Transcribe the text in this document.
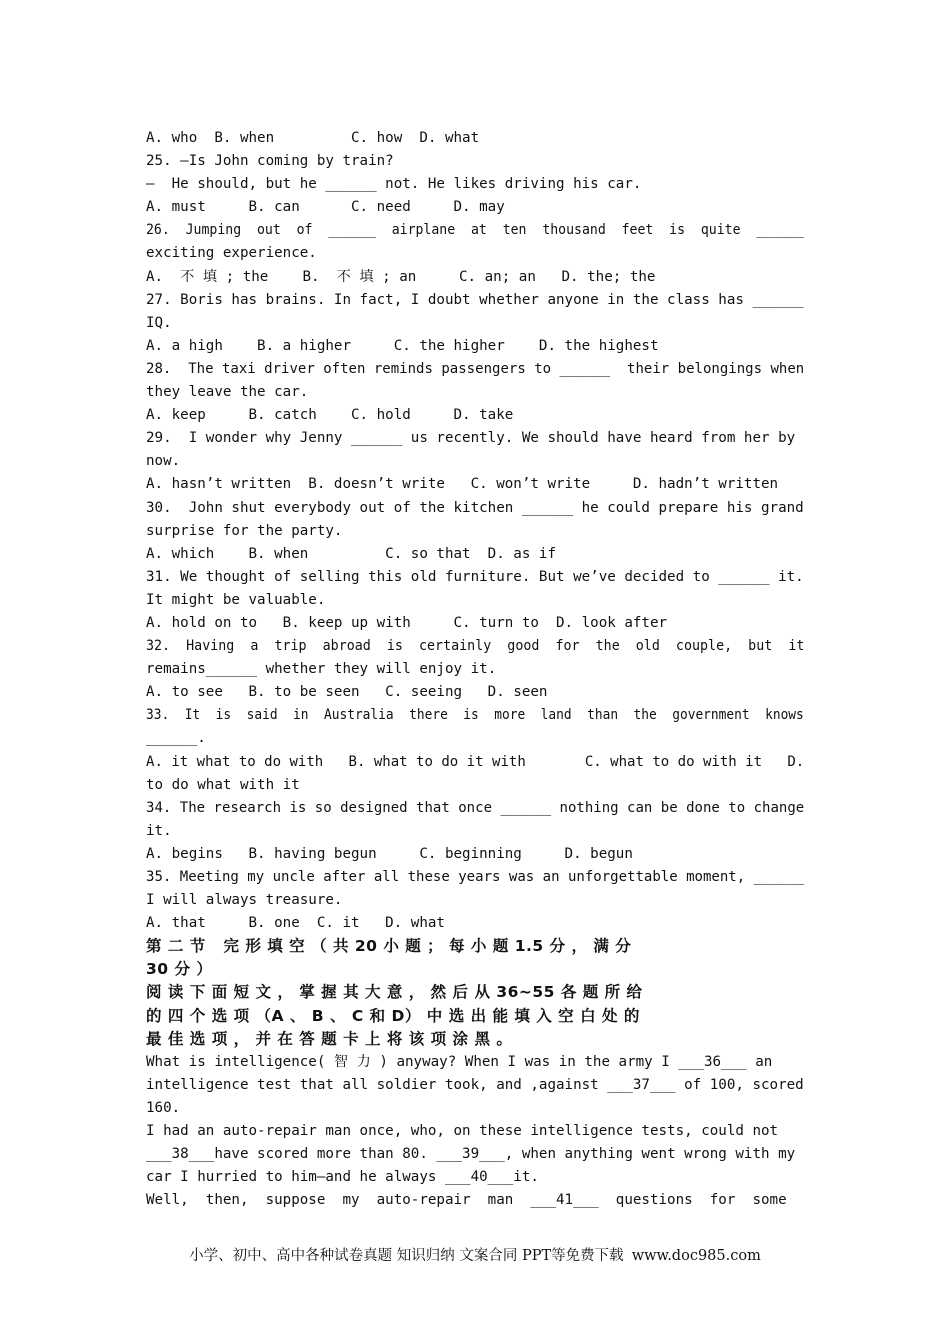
A. who  B. when         C. how  D. what
25. —Is John coming by train?
—  He should, but he ______ not. He likes driving his car.
A. must     B. can      C. need     D. may
26.  Jumping  out  of  ______  airplane  at  ten  thousand  feet  is  quite  ______
exciting experience.
A.  不 填 ; the    B.  不 填 ; an     C. an; an   D. the; the
27. Boris has brains. In fact, I doubt whether anyone in the class has ______
IQ.
A. a high    B. a higher     C. the higher    D. the highest
28.  The taxi driver often reminds passengers to ______  their belongings when
they leave the car.
A. keep     B. catch    C. hold     D. take
29.  I wonder why Jenny ______ us recently. We should have heard from her by
now.
A. hasn’t written  B. doesn’t write   C. won’t write     D. hadn’t written
30.  John shut everybody out of the kitchen ______ he could prepare his grand
surprise for the party.
A. which    B. when         C. so that  D. as if
31. We thought of selling this old furniture. But we’ve decided to ______ it.
It might be valuable.
A. hold on to   B. keep up with     C. turn to  D. look after
32.  Having  a  trip  abroad  is  certainly  good  for  the  old  couple,  but  it
remains______ whether they will enjoy it.
A. to see   B. to be seen   C. seeing   D. seen
33.  It  is  said  in  Australia  there  is  more  land  than  the  government  knows
______.
A. it what to do with   B. what to do it with       C. what to do with it   D.
to do what with it
34. The research is so designed that once ______ nothing can be done to change
it.
A. begins   B. having begun     C. beginning     D. begun
35. Meeting my uncle after all these years was an unforgettable moment, ______
I will always treasure.
A. that     B. one  C. it   D. what
第 二 节   完 形 填 空 （ 共 20 小 题 ； 每 小 题 1.5 分 ， 满 分
30 分 ）
阅 读 下 面 短 文 ， 掌 握 其 大 意 ， 然 后 从 36~55 各 题 所 给
的 四 个 选 项 （A 、 B 、 C 和 D） 中 选 出 能 填 入 空 白 处 的
最 佳 选 项 ， 并 在 答 题 卡 上 将 该 项 涂 黑 。
What is intelligence( 智 力 ) anyway? When I was in the army I ___36___ an
intelligence test that all soldier took, and ,against ___37___ of 100, scored
160.
I had an auto-repair man once, who, on these intelligence tests, could not
___38___have scored more than 80. ___39___, when anything went wrong with my
car I hurried to him—and he always ___40___it.
Well,  then,  suppose  my  auto-repair  man  ___41___  questions  for  some
小学、初中、高中各种试卷真题 知识归纳 文案合同 PPT等免费下载 www.doc985.com
